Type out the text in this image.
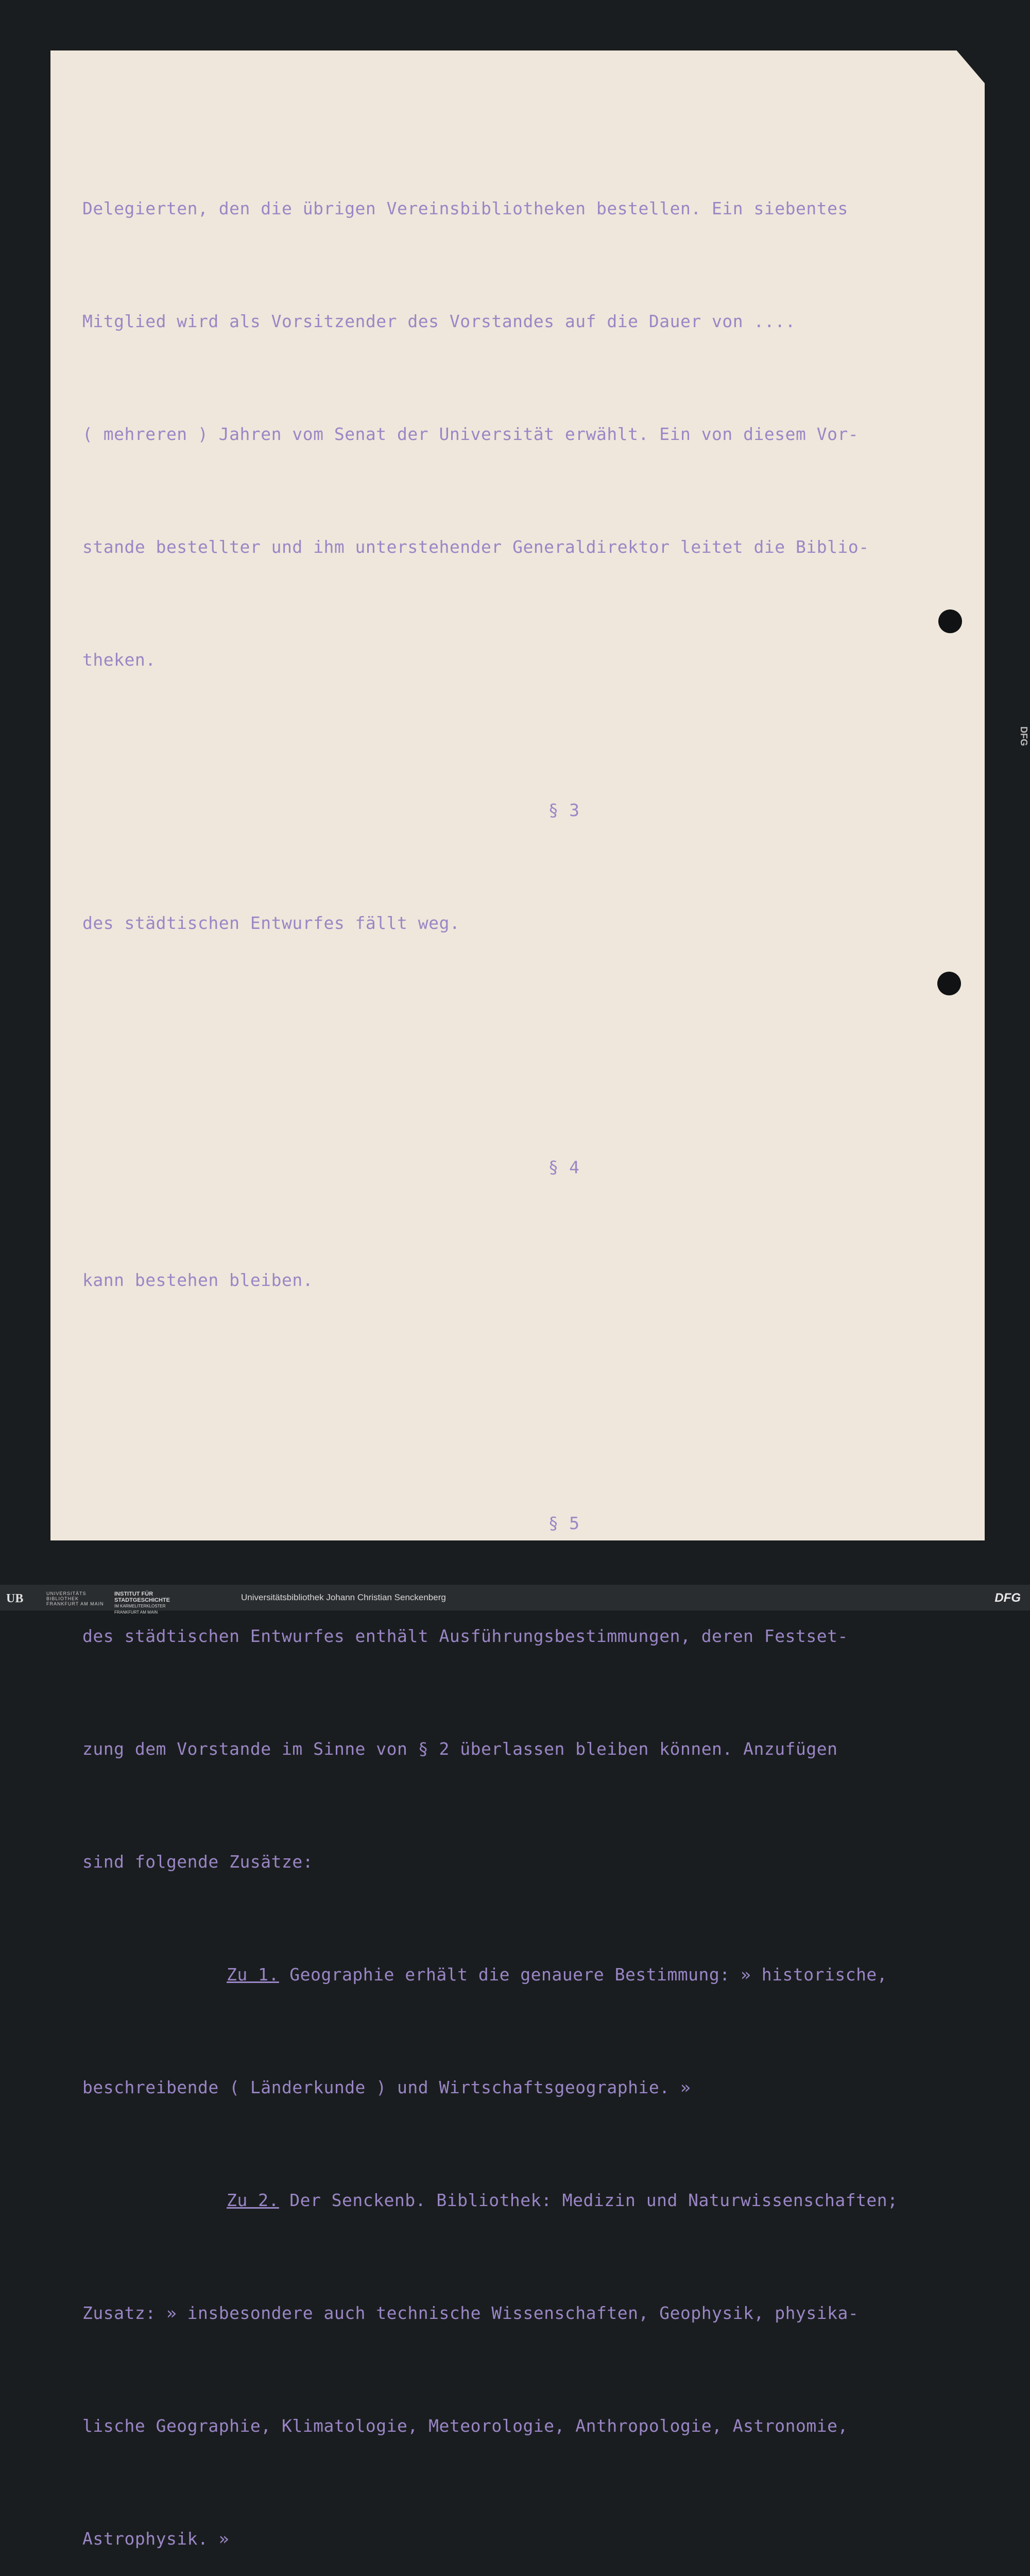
Delegierten, den die übrigen Vereinsbibliotheken bestellen. Ein siebentes

Mitglied wird als Vorsitzender des Vorstandes auf die Dauer von ....

( mehreren ) Jahren vom Senat der Universität erwählt. Ein von diesem Vor-

stande bestellter und ihm unterstehender Generaldirektor leitet die Biblio-

theken.

§ 3

des städtischen Entwurfes fällt weg.

§ 4

kann bestehen bleiben.

§ 5

des städtischen Entwurfes enthält Ausführungsbestimmungen, deren Festset-

zung dem Vorstande im Sinne von § 2 überlassen bleiben können. Anzufügen

sind folgende Zusätze:

Zu 1. Geographie erhält die genauere Bestimmung: » historische,

beschreibende ( Länderkunde ) und Wirtschaftsgeographie. »

Zu 2. Der Senckenb. Bibliothek: Medizin und Naturwissenschaften;

Zusatz: » insbesondere auch technische Wissenschaften, Geophysik, physika-

lische Geographie, Klimatologie, Meteorologie, Anthropologie, Astronomie,

Astrophysik. »

DFG
UB	UNIVERSITÄTS
BIBLIOTHEK
FRANKFURT AM MAIN
INSTITUT FÜR
STADTGESCHICHTE
IM KARMELITERKLOSTER
FRANKFURT AM MAIN
Universitätsbibliothek Johann Christian Senckenberg	DFG
